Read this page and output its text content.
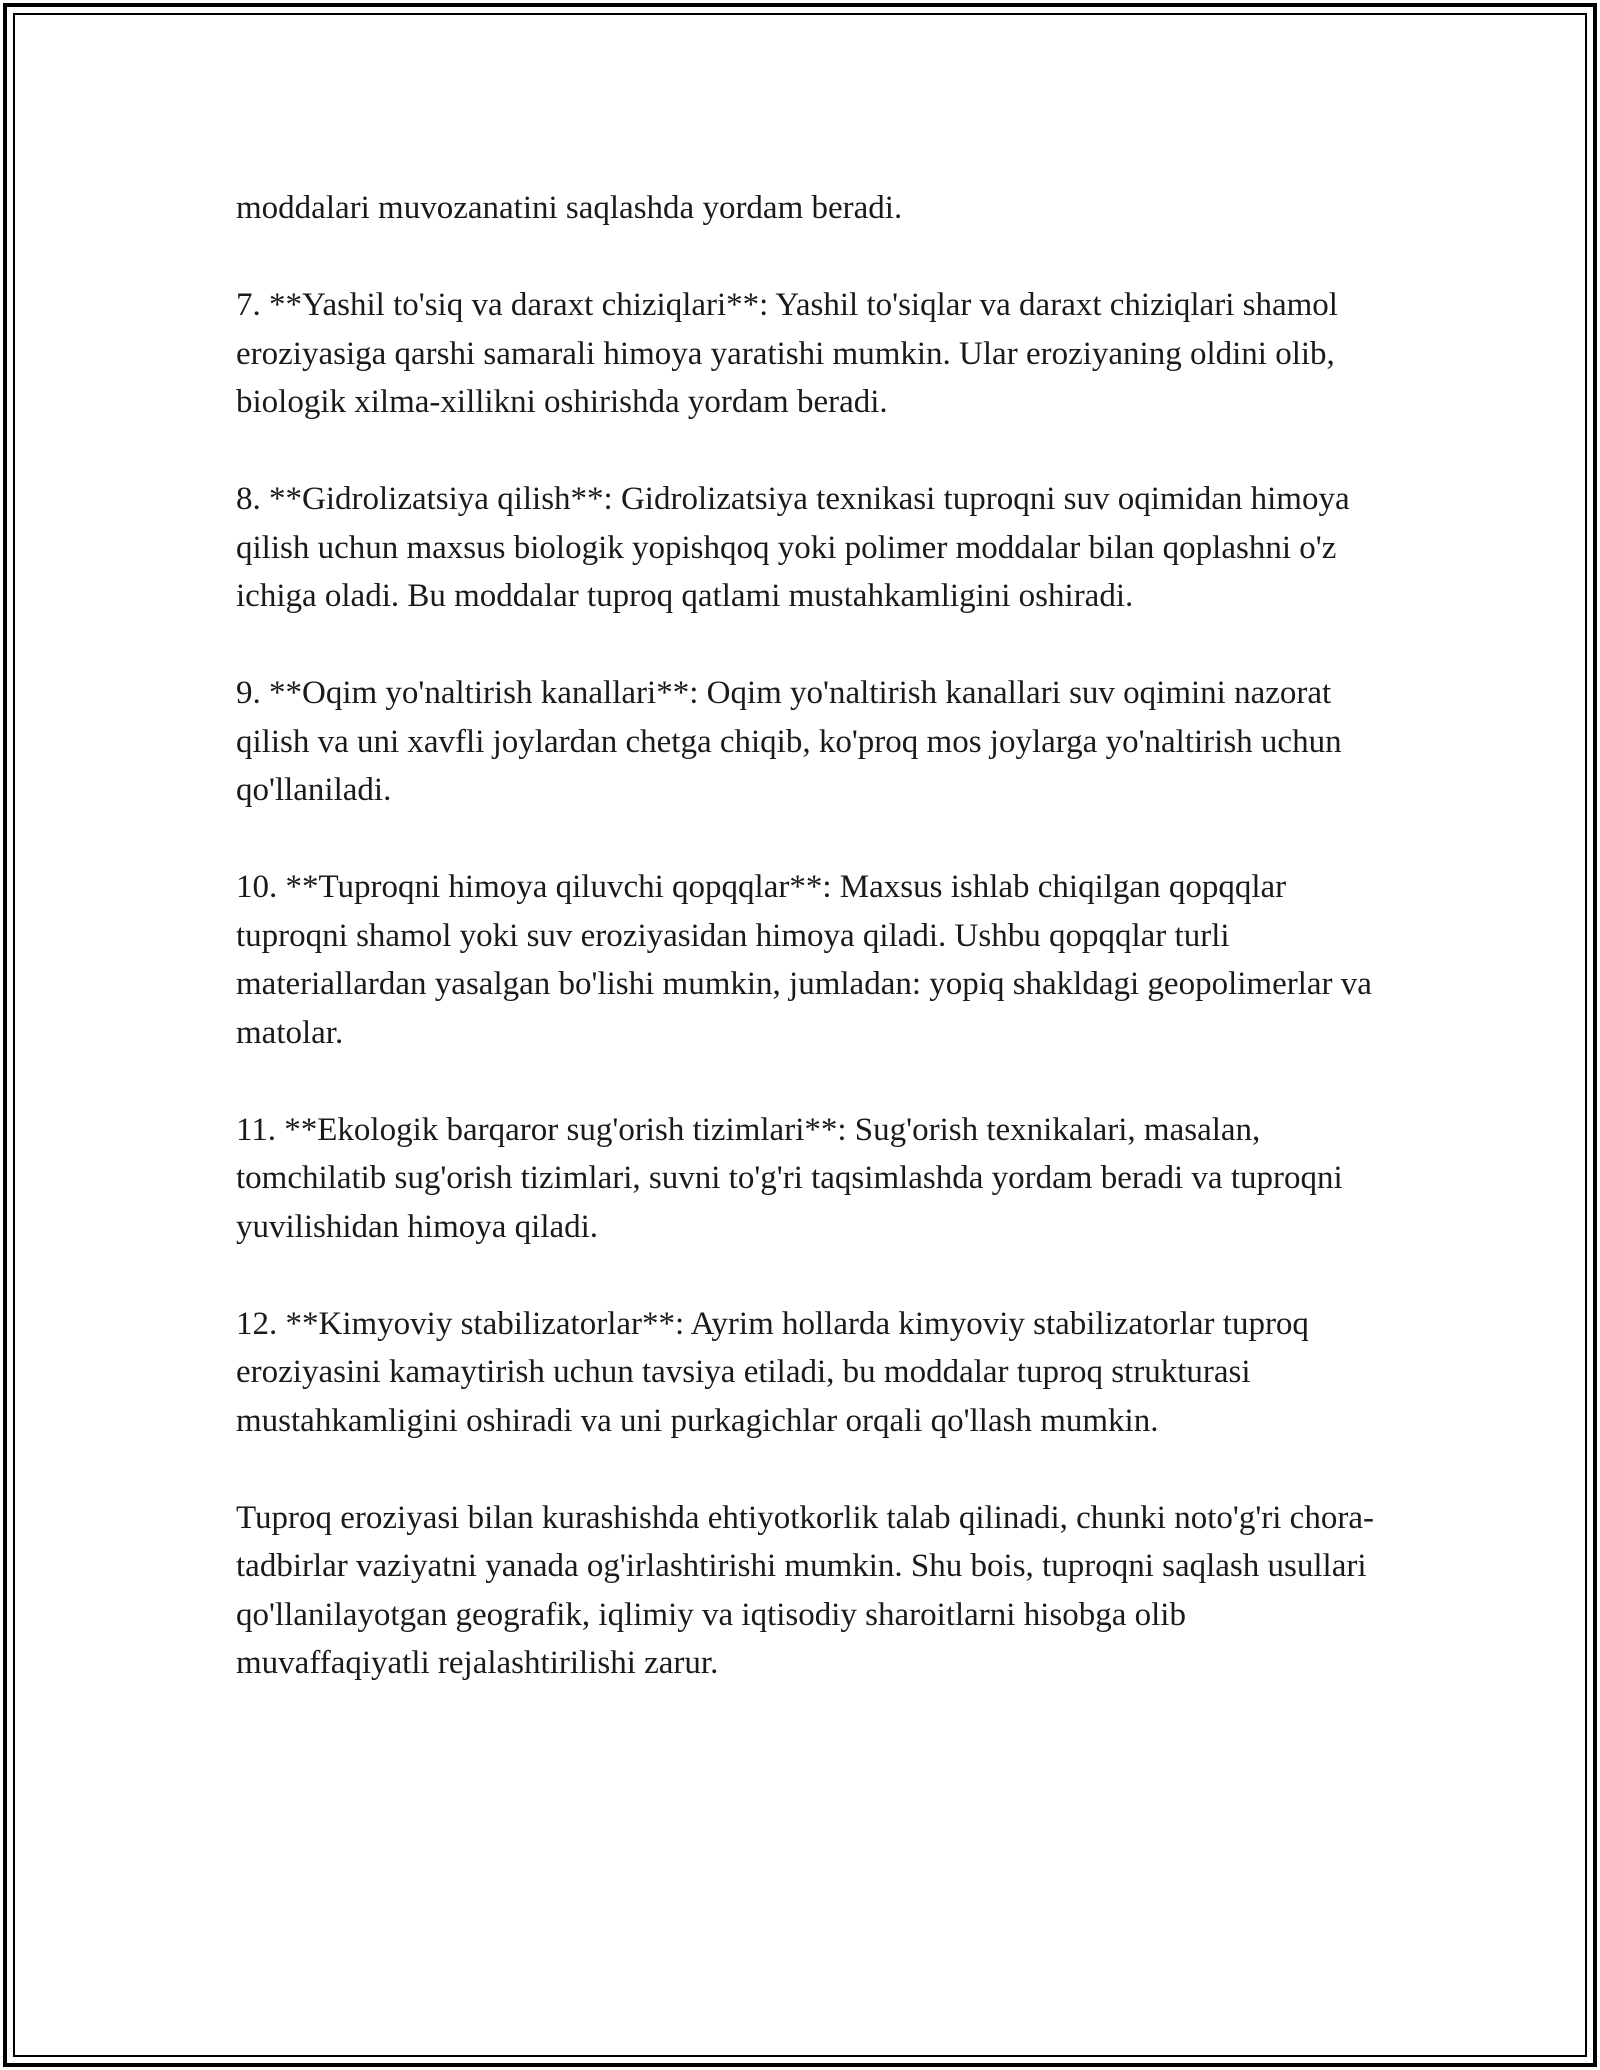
moddalari muvozanatini saqlashda yordam beradi.

7. **Yashil to'siq va daraxt chiziqlari**: Yashil to'siqlar va daraxt chiziqlari shamol eroziyasiga qarshi samarali himoya yaratishi mumkin. Ular eroziyaning oldini olib, biologik xilma-xillikni oshirishda yordam beradi.

8. **Gidrolizatsiya qilish**: Gidrolizatsiya texnikasi tuproqni suv oqimidan himoya qilish uchun maxsus biologik yopishqoq yoki polimer moddalar bilan qoplashni o'z ichiga oladi. Bu moddalar tuproq qatlami mustahkamligini oshiradi.

9. **Oqim yo'naltirish kanallari**: Oqim yo'naltirish kanallari suv oqimini nazorat qilish va uni xavfli joylardan chetga chiqib, ko'proq mos joylarga yo'naltirish uchun qo'llaniladi.

10. **Tuproqni himoya qiluvchi qopqqlar**: Maxsus ishlab chiqilgan qopqqlar tuproqni shamol yoki suv eroziyasidan himoya qiladi. Ushbu qopqqlar turli materiallardan yasalgan bo'lishi mumkin, jumladan: yopiq shakldagi geopolimerlar va matolar.

11. **Ekologik barqaror sug'orish tizimlari**: Sug'orish texnikalari, masalan, tomchilatib sug'orish tizimlari, suvni to'g'ri taqsimlashda yordam beradi va tuproqni yuvilishidan himoya qiladi.

12. **Kimyoviy stabilizatorlar**: Ayrim hollarda kimyoviy stabilizatorlar tuproq eroziyasini kamaytirish uchun tavsiya etiladi, bu moddalar tuproq strukturasi mustahkamligini oshiradi va uni purkagichlar orqali qo'llash mumkin.

Tuproq eroziyasi bilan kurashishda ehtiyotkorlik talab qilinadi, chunki noto'g'ri chora-tadbirlar vaziyatni yanada og'irlashtirishi mumkin. Shu bois, tuproqni saqlash usullari qo'llanilayotgan geografik, iqlimiy va iqtisodiy sharoitlarni hisobga olib muvaffaqiyatli rejalashtirilishi zarur.
